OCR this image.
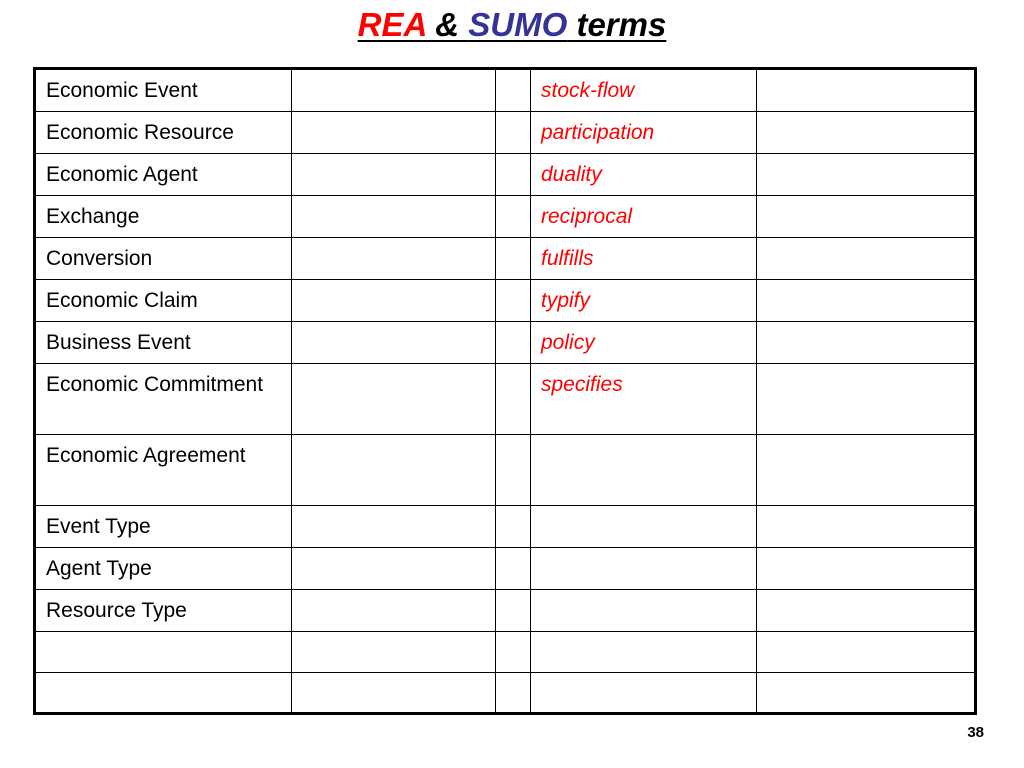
REA & SUMO terms
Economic Event			stock-flow	
Economic Resource			participation	
Economic Agent			duality	
Exchange			reciprocal	
Conversion			fulfills	
Economic Claim			typify	
Business Event			policy	
Economic Commitment			specifies	
Economic Agreement				
Event Type				
Agent Type				
Resource Type				

38
